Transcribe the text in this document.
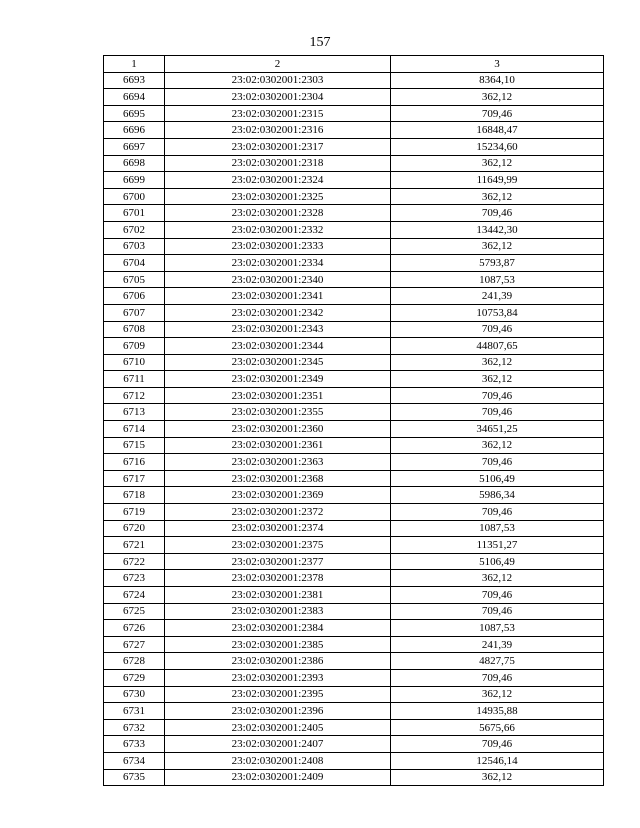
157
1	2	3
6693	23:02:0302001:2303	8364,10
6694	23:02:0302001:2304	362,12
6695	23:02:0302001:2315	709,46
6696	23:02:0302001:2316	16848,47
6697	23:02:0302001:2317	15234,60
6698	23:02:0302001:2318	362,12
6699	23:02:0302001:2324	11649,99
6700	23:02:0302001:2325	362,12
6701	23:02:0302001:2328	709,46
6702	23:02:0302001:2332	13442,30
6703	23:02:0302001:2333	362,12
6704	23:02:0302001:2334	5793,87
6705	23:02:0302001:2340	1087,53
6706	23:02:0302001:2341	241,39
6707	23:02:0302001:2342	10753,84
6708	23:02:0302001:2343	709,46
6709	23:02:0302001:2344	44807,65
6710	23:02:0302001:2345	362,12
6711	23:02:0302001:2349	362,12
6712	23:02:0302001:2351	709,46
6713	23:02:0302001:2355	709,46
6714	23:02:0302001:2360	34651,25
6715	23:02:0302001:2361	362,12
6716	23:02:0302001:2363	709,46
6717	23:02:0302001:2368	5106,49
6718	23:02:0302001:2369	5986,34
6719	23:02:0302001:2372	709,46
6720	23:02:0302001:2374	1087,53
6721	23:02:0302001:2375	11351,27
6722	23:02:0302001:2377	5106,49
6723	23:02:0302001:2378	362,12
6724	23:02:0302001:2381	709,46
6725	23:02:0302001:2383	709,46
6726	23:02:0302001:2384	1087,53
6727	23:02:0302001:2385	241,39
6728	23:02:0302001:2386	4827,75
6729	23:02:0302001:2393	709,46
6730	23:02:0302001:2395	362,12
6731	23:02:0302001:2396	14935,88
6732	23:02:0302001:2405	5675,66
6733	23:02:0302001:2407	709,46
6734	23:02:0302001:2408	12546,14
6735	23:02:0302001:2409	362,12
